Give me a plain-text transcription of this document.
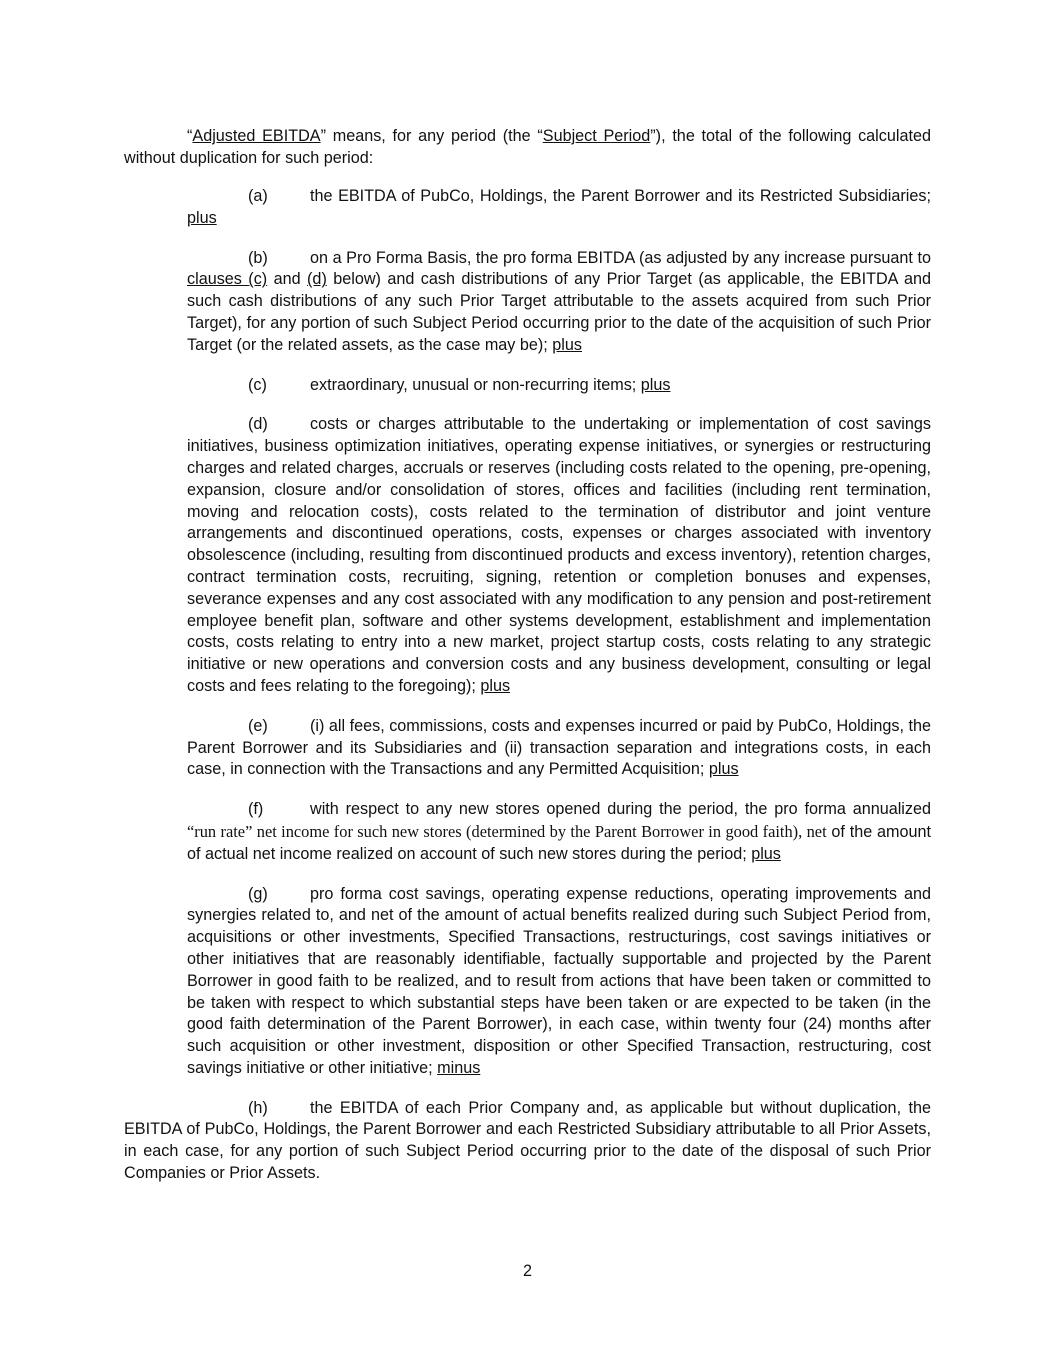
“Adjusted EBITDA” means, for any period (the “Subject Period”), the total of the following calculated without duplication for such period:

(a)	the EBITDA of PubCo, Holdings, the Parent Borrower and its Restricted Subsidiaries; plus

(b)	on a Pro Forma Basis, the pro forma EBITDA (as adjusted by any increase pursuant to clauses (c) and (d) below) and cash distributions of any Prior Target (as applicable, the EBITDA and such cash distributions of any such Prior Target attributable to the assets acquired from such Prior Target), for any portion of such Subject Period occurring prior to the date of the acquisition of such Prior Target (or the related assets, as the case may be); plus

(c)	extraordinary, unusual or non-recurring items; plus

(d)	costs or charges attributable to the undertaking or implementation of cost savings initiatives, business optimization initiatives, operating expense initiatives, or synergies or restructuring charges and related charges, accruals or reserves (including costs related to the opening, pre-opening, expansion, closure and/or consolidation of stores, offices and facilities (including rent termination, moving and relocation costs), costs related to the termination of distributor and joint venture arrangements and discontinued operations, costs, expenses or charges associated with inventory obsolescence (including, resulting from discontinued products and excess inventory), retention charges, contract termination costs, recruiting, signing, retention or completion bonuses and expenses, severance expenses and any cost associated with any modification to any pension and post-retirement employee benefit plan, software and other systems development, establishment and implementation costs, costs relating to entry into a new market, project startup costs, costs relating to any strategic initiative or new operations and conversion costs and any business development, consulting or legal costs and fees relating to the foregoing); plus

(e)	(i) all fees, commissions, costs and expenses incurred or paid by PubCo, Holdings, the Parent Borrower and its Subsidiaries and (ii) transaction separation and integrations costs, in each case, in connection with the Transactions and any Permitted Acquisition; plus

(f)	with respect to any new stores opened during the period, the pro forma annualized “run rate” net income for such new stores (determined by the Parent Borrower in good faith), net of the amount of actual net income realized on account of such new stores during the period; plus

(g)	pro forma cost savings, operating expense reductions, operating improvements and synergies related to, and net of the amount of actual benefits realized during such Subject Period from, acquisitions or other investments, Specified Transactions, restructurings, cost savings initiatives or other initiatives that are reasonably identifiable, factually supportable and projected by the Parent Borrower in good faith to be realized, and to result from actions that have been taken or committed to be taken with respect to which substantial steps have been taken or are expected to be taken (in the good faith determination of the Parent Borrower), in each case, within twenty four (24) months after such acquisition or other investment, disposition or other Specified Transaction, restructuring, cost savings initiative or other initiative; minus

(h)	the EBITDA of each Prior Company and, as applicable but without duplication, the EBITDA of PubCo, Holdings, the Parent Borrower and each Restricted Subsidiary attributable to all Prior Assets, in each case, for any portion of such Subject Period occurring prior to the date of the disposal of such Prior Companies or Prior Assets.

2
